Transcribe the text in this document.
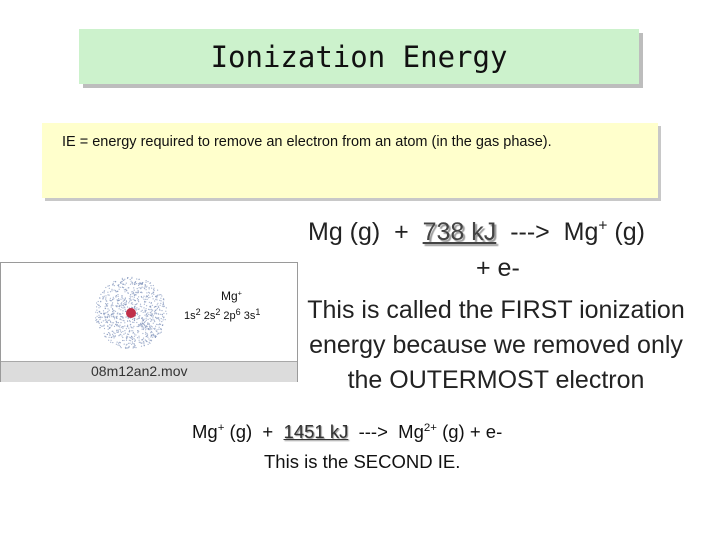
Ionization Energy
IE = energy required to remove an electron from an atom (in the gas phase).
Mg (g)  +  738 kJ  --->  Mg+ (g)
+ e-
This is called the FIRST ionization energy because we removed only the OUTERMOST electron
Mg+
$1s^2$ $2s^2$ $2p^6$ $3s^1$
08m12an2.mov
Mg+ (g)  +  1451 kJ  --->  $Mg^{2+}$ (g) + e-
This is the SECOND IE.
